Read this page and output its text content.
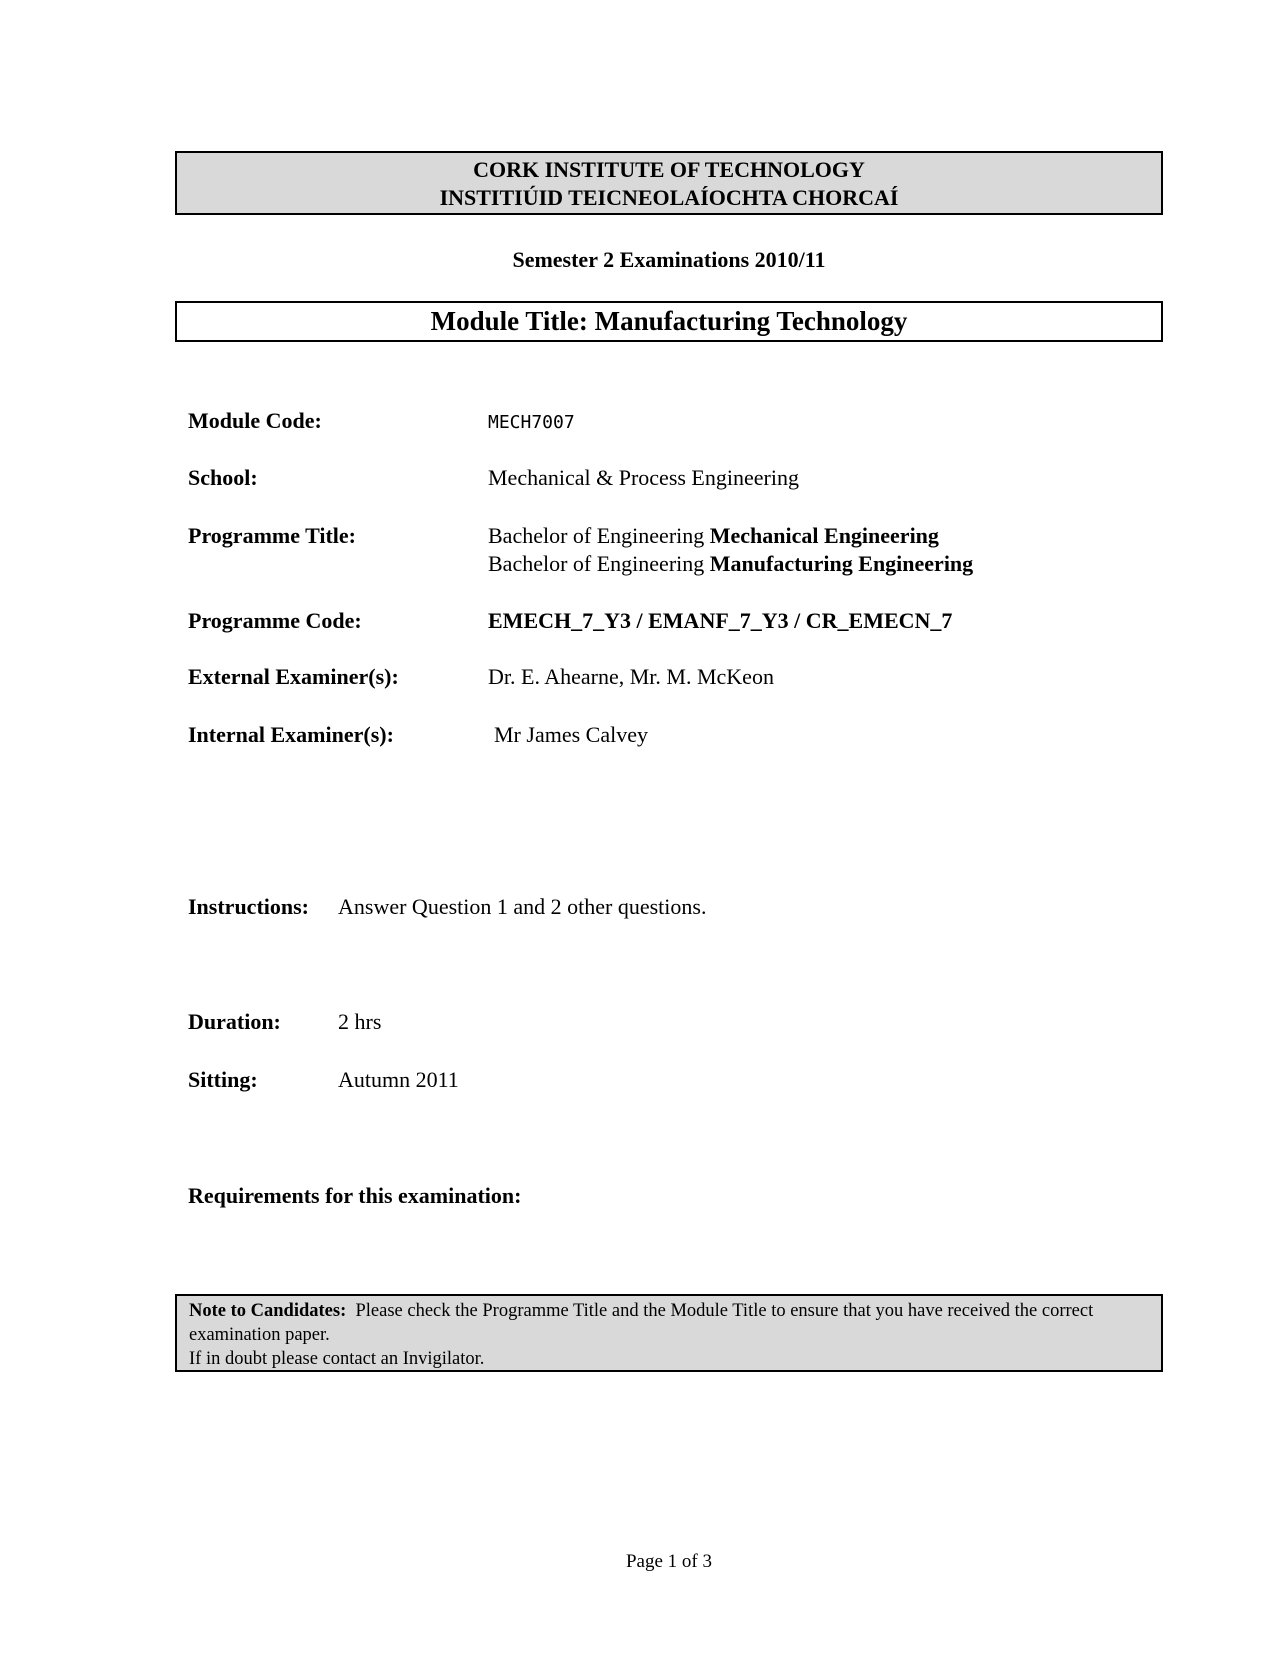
CORK INSTITUTE OF TECHNOLOGY
INSTITIÚID TEICNEOLAÍOCHTA CHORCAÍ
Semester 2 Examinations 2010/11
Module Title: Manufacturing Technology
Module Code:	MECH7007
School:	Mechanical & Process Engineering
Programme Title:	Bachelor of Engineering Mechanical Engineering
Bachelor of Engineering Manufacturing Engineering
Programme Code:	EMECH_7_Y3 / EMANF_7_Y3 / CR_EMECN_7
External Examiner(s):	Dr. E. Ahearne, Mr. M. McKeon
Internal Examiner(s):	Mr James Calvey
Instructions: Answer Question 1 and 2 other questions.
Duration:	2 hrs
Sitting:	Autumn 2011
Requirements for this examination:
Note to Candidates: Please check the Programme Title and the Module Title to ensure that you have received the correct examination paper.
If in doubt please contact an Invigilator.
Page 1 of 3
